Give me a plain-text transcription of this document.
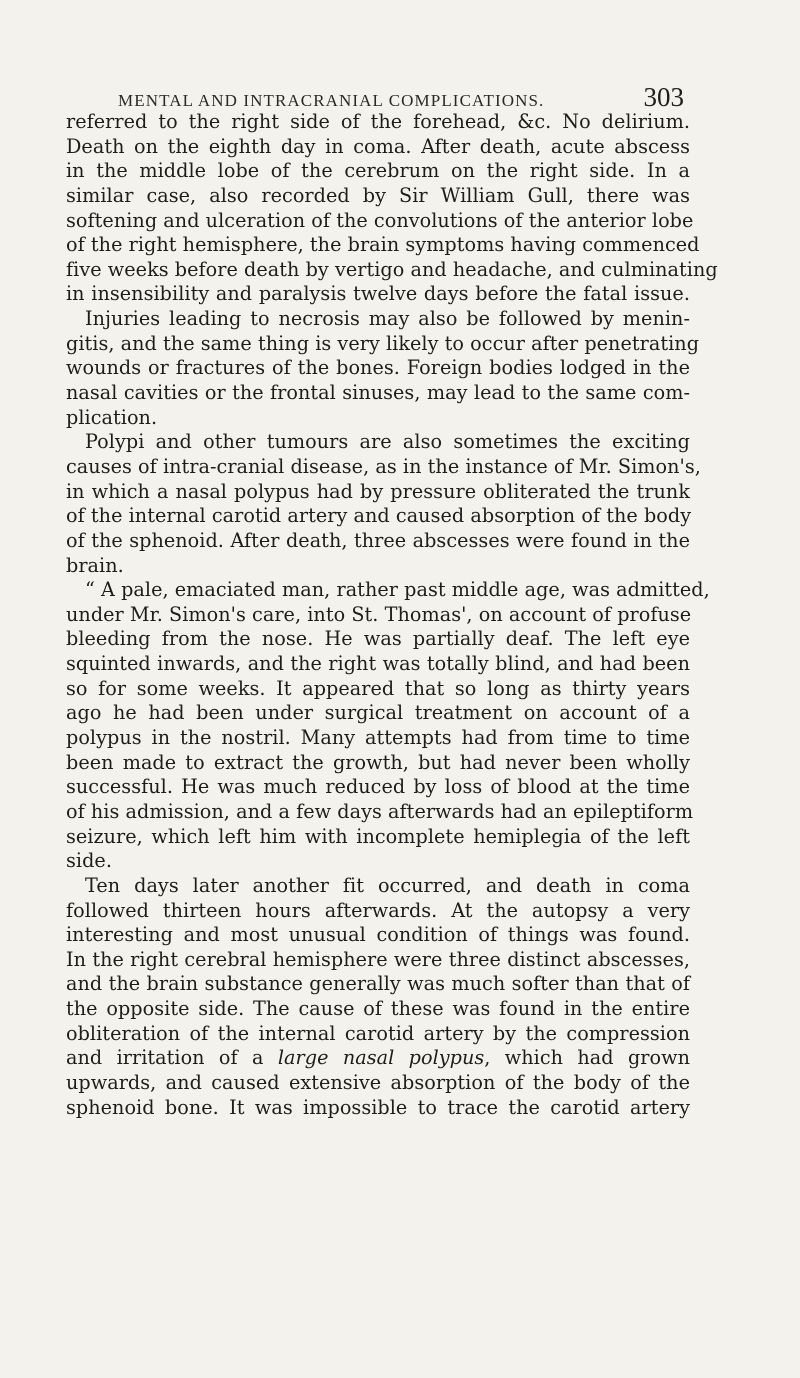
MENTAL AND INTRACRANIAL COMPLICATIONS.	303
referred to the right side of the forehead, &c. No delirium.
Death on the eighth day in coma. After death, acute abscess
in the middle lobe of the cerebrum on the right side. In a
similar case, also recorded by Sir William Gull, there was
softening and ulceration of the convolutions of the anterior lobe
of the right hemisphere, the brain symptoms having commenced
five weeks before death by vertigo and headache, and culminating
in insensibility and paralysis twelve days before the fatal issue.
Injuries leading to necrosis may also be followed by menin-
gitis, and the same thing is very likely to occur after penetrating
wounds or fractures of the bones. Foreign bodies lodged in the
nasal cavities or the frontal sinuses, may lead to the same com-
plication.
Polypi and other tumours are also sometimes the exciting
causes of intra-cranial disease, as in the instance of Mr. Simon's,
in which a nasal polypus had by pressure obliterated the trunk
of the internal carotid artery and caused absorption of the body
of the sphenoid. After death, three abscesses were found in the
brain.
“ A pale, emaciated man, rather past middle age, was admitted,
under Mr. Simon's care, into St. Thomas', on account of profuse
bleeding from the nose. He was partially deaf. The left eye
squinted inwards, and the right was totally blind, and had been
so for some weeks. It appeared that so long as thirty years
ago he had been under surgical treatment on account of a
polypus in the nostril. Many attempts had from time to time
been made to extract the growth, but had never been wholly
successful. He was much reduced by loss of blood at the time
of his admission, and a few days afterwards had an epileptiform
seizure, which left him with incomplete hemiplegia of the left
side.
Ten days later another fit occurred, and death in coma
followed thirteen hours afterwards. At the autopsy a very
interesting and most unusual condition of things was found.
In the right cerebral hemisphere were three distinct abscesses,
and the brain substance generally was much softer than that of
the opposite side. The cause of these was found in the entire
obliteration of the internal carotid artery by the compression
and irritation of a large nasal polypus, which had grown
upwards, and caused extensive absorption of the body of the
sphenoid bone. It was impossible to trace the carotid artery
